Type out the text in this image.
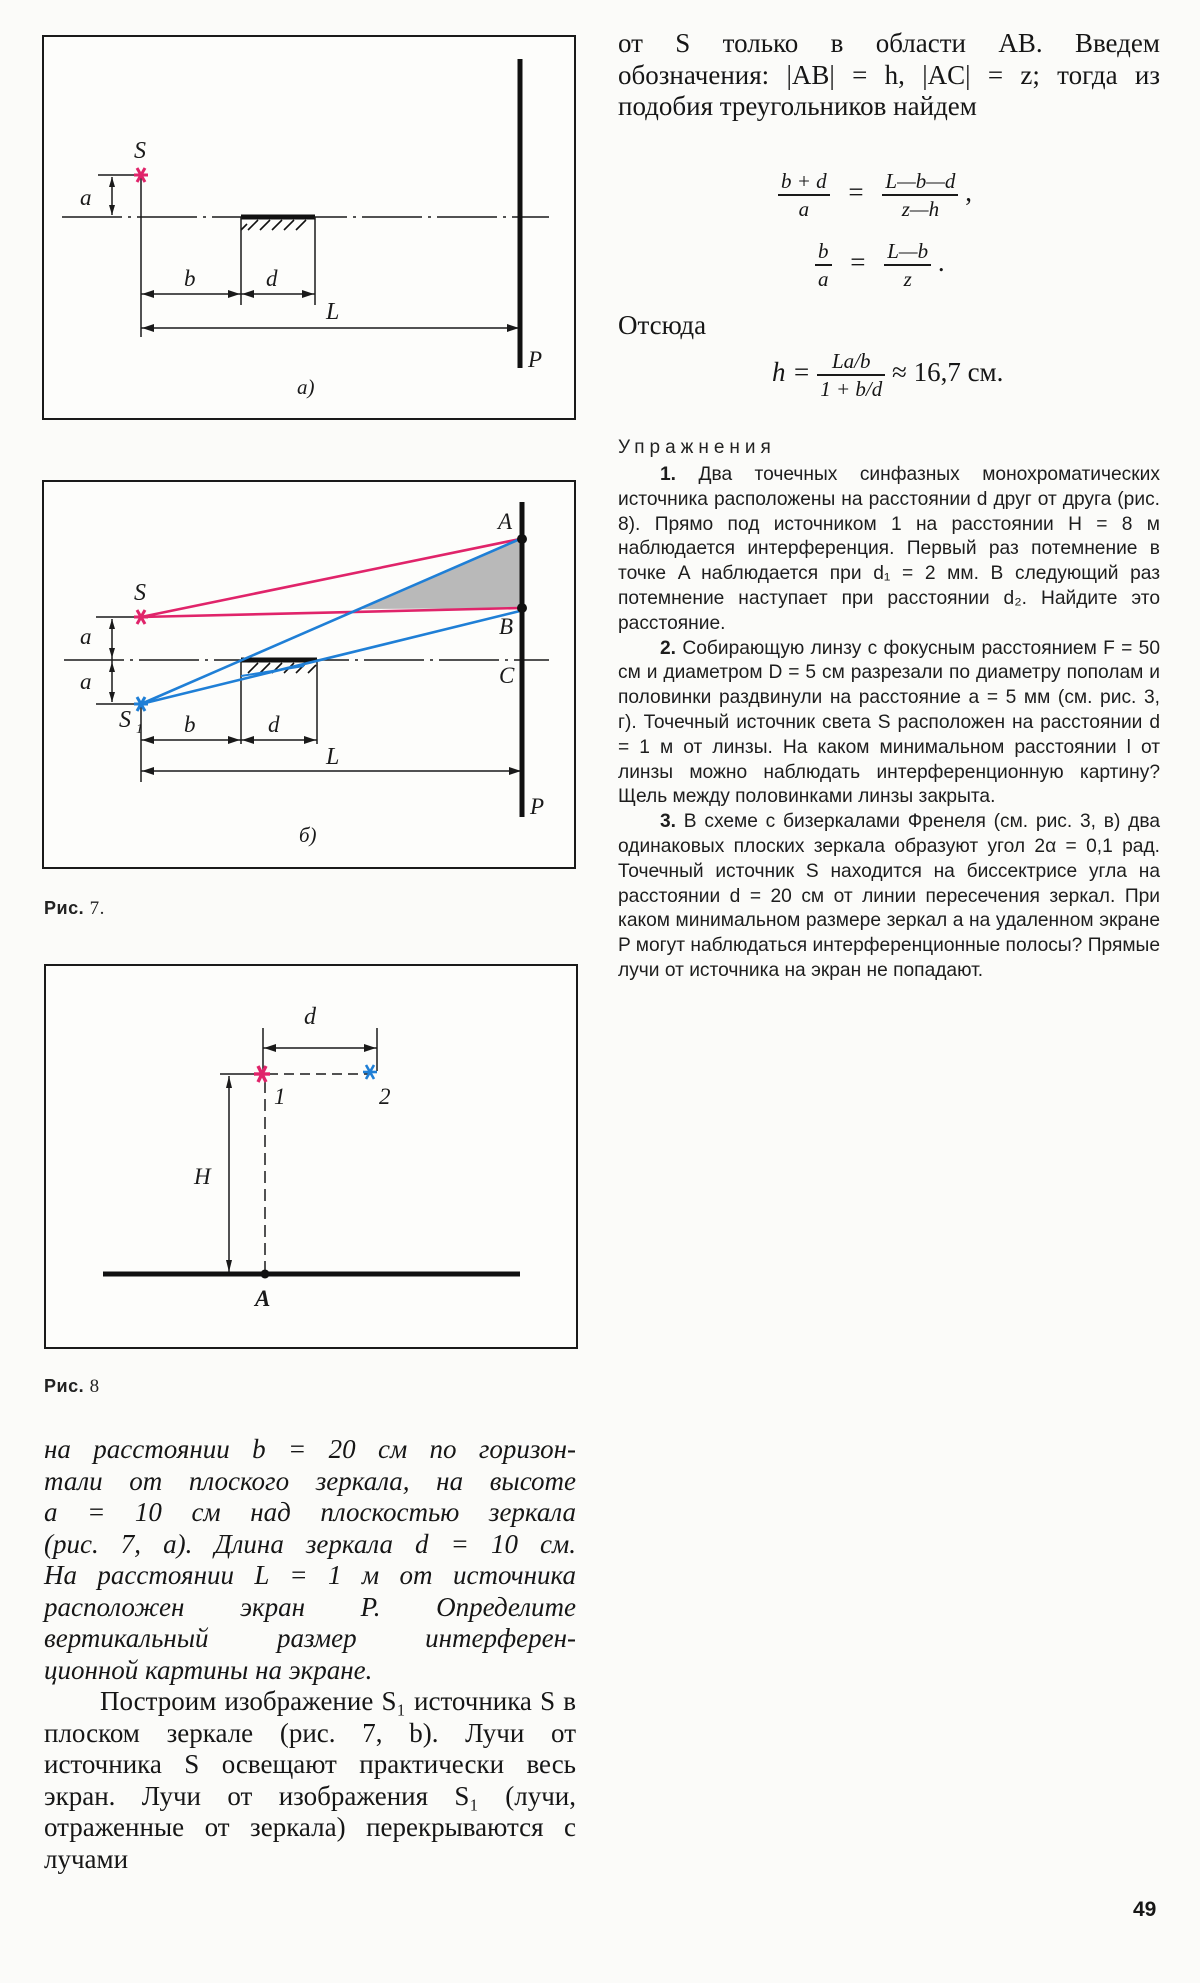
S
a
b	d
L
P
a)
S
S 1
a
a
b	d
L
A
B
C
P
б)
Рис. 7.
d
1	2
H
A
Рис. 8
на расстоянии b = 20 см по горизон-
тали от плоского зеркала, на высоте
a = 10 см над плоскостью зеркала
(рис. 7, а). Длина зеркала d = 10 см.
На расстоянии L = 1 м от источника
расположен экран P. Определите
вертикальный размер интерферен-
ционной картины на экране.

Построим изображение S₁ источника S в плоском зеркале (рис. 7, b). Лучи от источника S освещают практически весь экран. Лучи от изображения S₁ (лучи, отраженные от зеркала) перекрываются с лучами

от S только в области AB. Введем обозначения: |AB| = h, |AC| = z; тогда из подобия треугольников найдем

$\frac{b + d}{a} = \frac{L—b—d}{z—h}$ ,
$\frac{b}{a} = \frac{L—b}{z}$ .
Отсюда
$h = \frac{La/b}{1 + b/d} \approx 16,7$ см.
Упражнения

1. Два точечных синфазных монохроматических источника расположены на расстоянии d друг от друга (рис. 8). Прямо под источником 1 на расстоянии H = 8 м наблюдается интерференция. Первый раз потемнение в точке A наблюдается при d₁ = 2 мм. В следующий раз потемнение наступает при расстоянии d₂. Найдите это расстояние.

2. Собирающую линзу с фокусным расстоянием F = 50 см и диаметром D = 5 см разрезали по диаметру пополам и половинки раздвинули на расстояние a = 5 мм (см. рис. 3, г). Точечный источник света S расположен на расстоянии d = 1 м от линзы. На каком минимальном расстоянии l от линзы можно наблюдать интерференционную картину? Щель между половинками линзы закрыта.

3. В схеме с бизеркалами Френеля (см. рис. 3, в) два одинаковых плоских зеркала образуют угол 2α = 0,1 рад. Точечный источник S находится на биссектрисе угла на расстоянии d = 20 см от линии пересечения зеркал. При каком минимальном размере зеркал a на удаленном экране P могут наблюдаться интерференционные полосы? Прямые лучи от источника на экран не попадают.

49
